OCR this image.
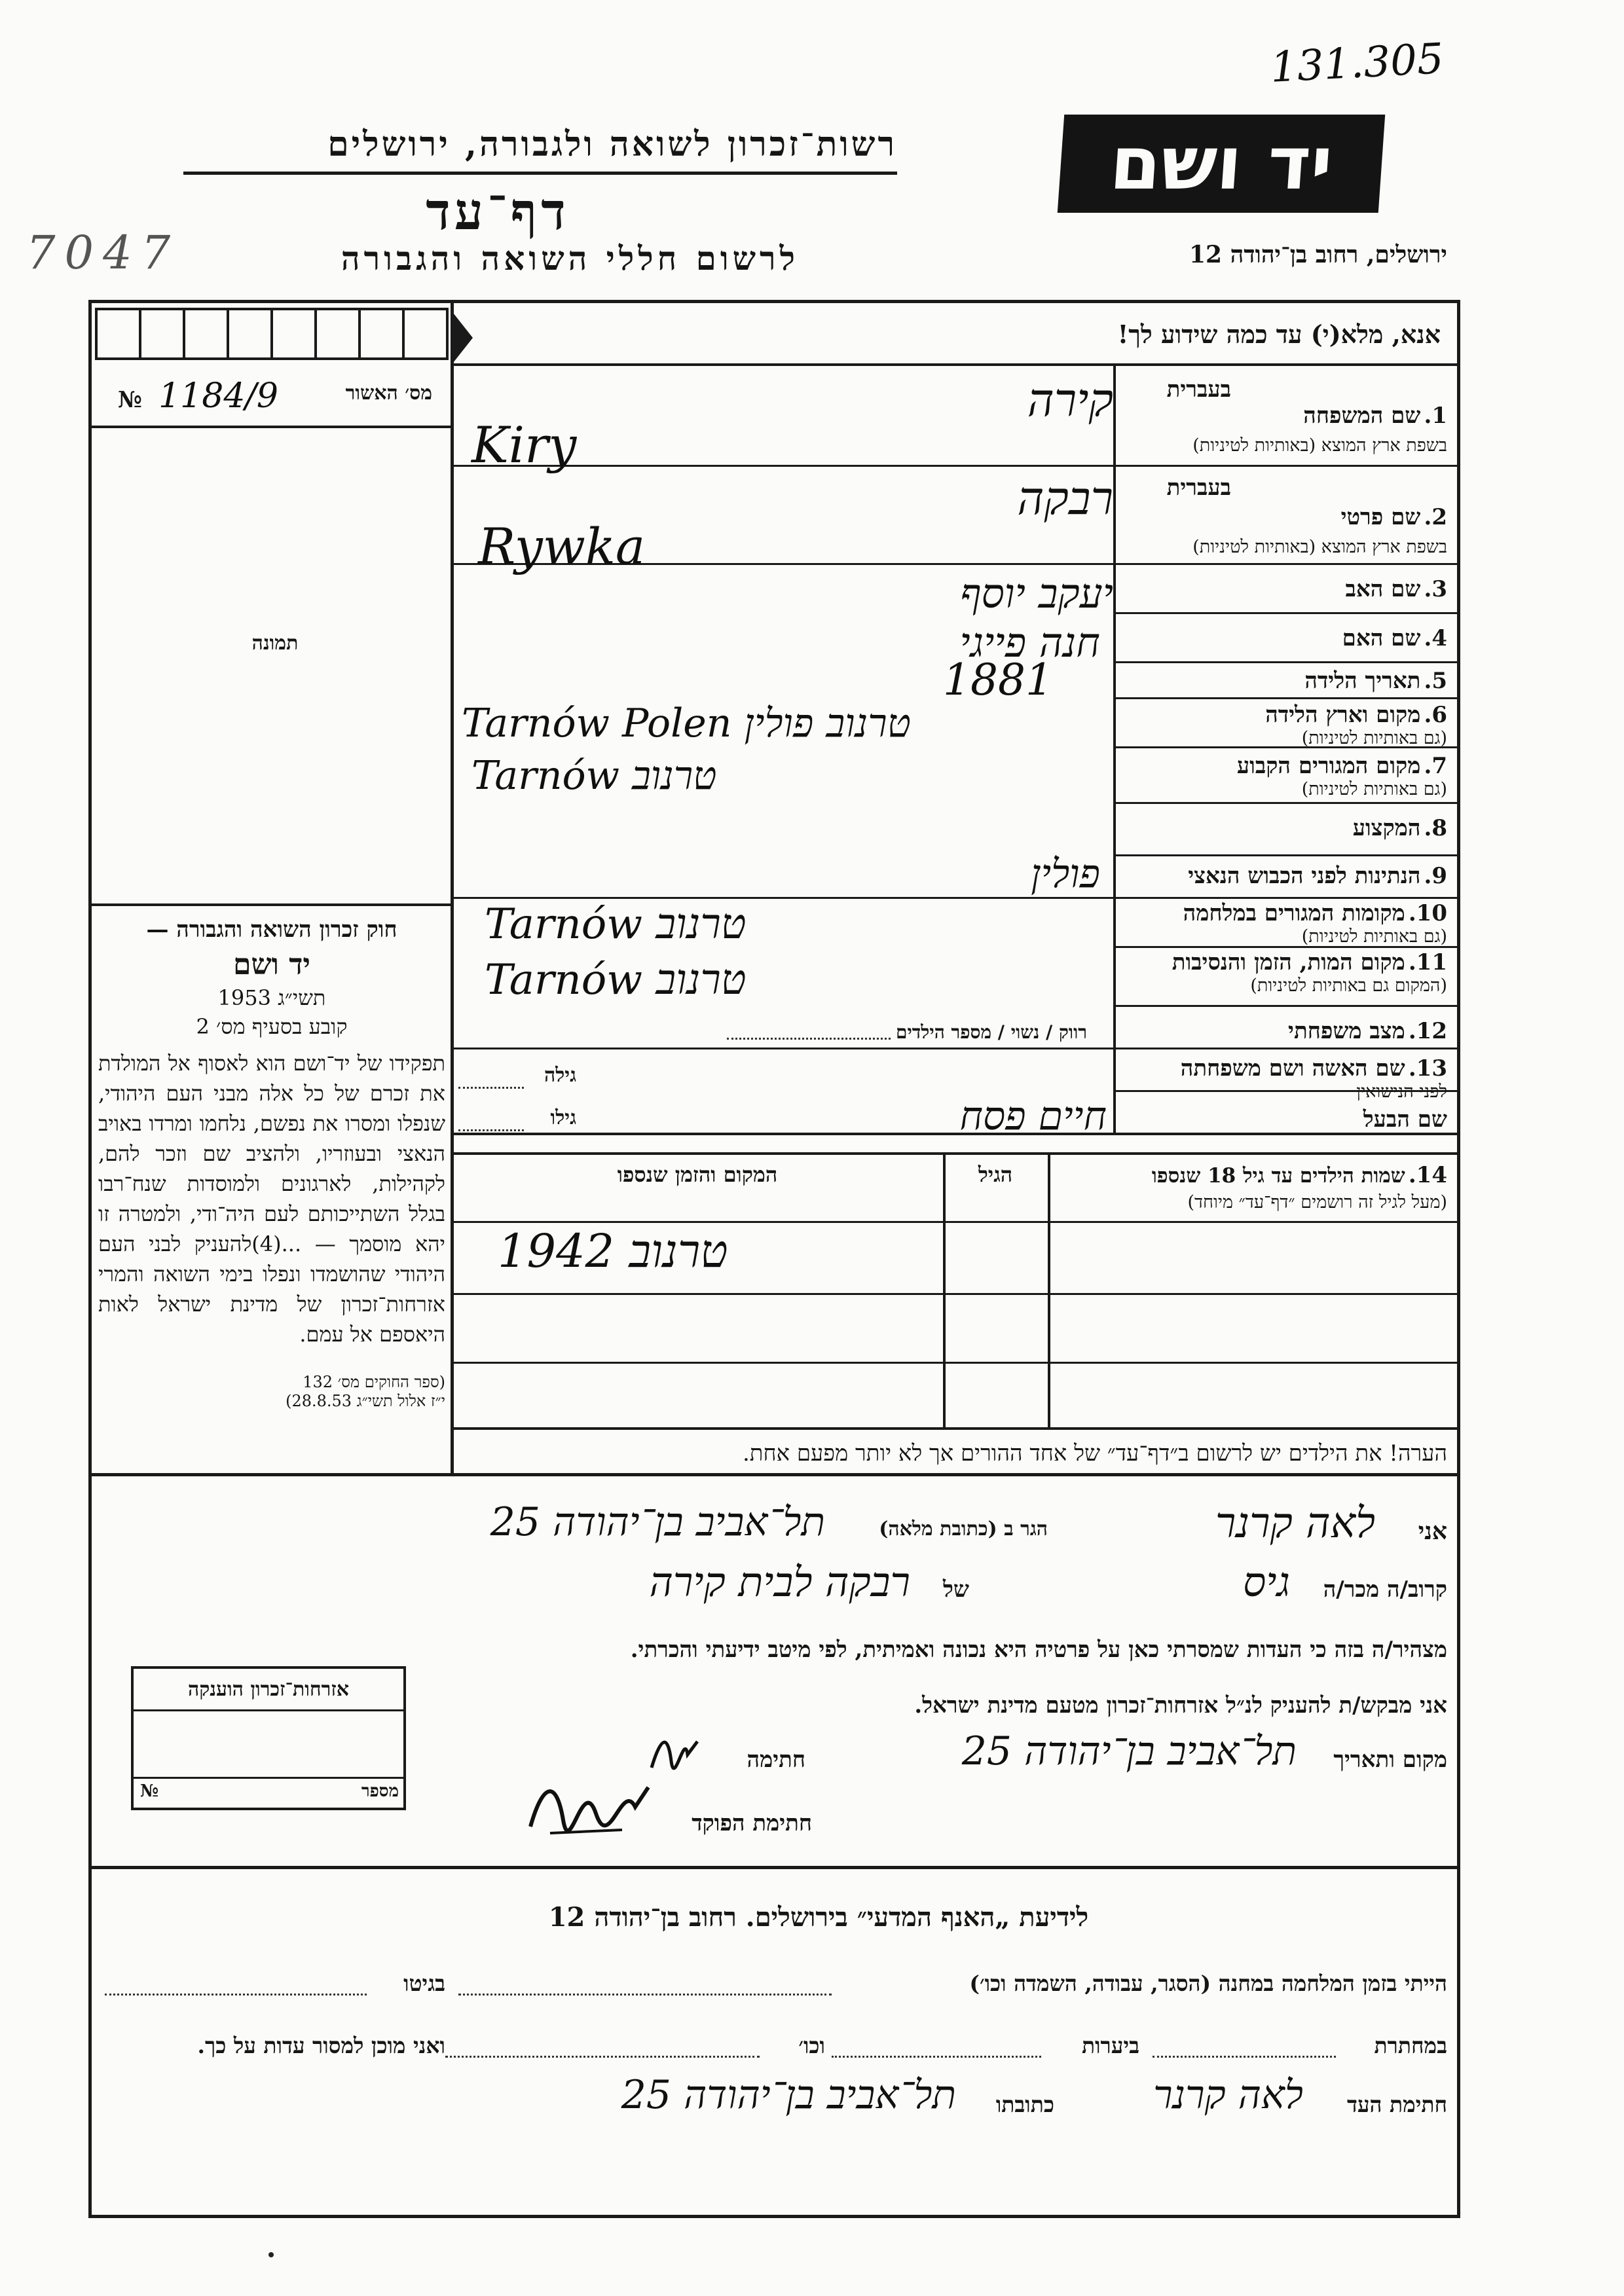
131.305
7047
רשות־זכרון לשואה ולגבורה, ירושלים
דף־עד
לרשום חללי השואה והגבורה
יד ושם
ירושלים, רחוב בן־יהודה 12
אנא, מלא(י) עד כמה שידוע לך!
№ 1184/9	מס׳ האשור
תמונה
חוק זכרון השואה והגבורה —
יד ושם
תשי״ג 1953
קובע בסעיף מס׳ 2
תפקידו של יד־ושם הוא לאסוף אל המולדת את זכרם של כל אלה מבני העם היהודי, שנפלו ומסרו את נפשם, נלחמו ומרדו באויב הנאצי ובעוזריו, ולהציב שם וזכר להם, לקהילות, לארגונים ולמוסדות שנח־רבו בגלל השתייכותם לעם היה־ודי, ולמטרה זו יהא מוסמך — ...(4)להעניק לבני העם היהודי שהושמדו ונפלו בימי השואה והמרי אזרחות־זכרון של מדינת ישראל לאות היאספם אל עמם.
(ספר החוקים מס׳ 132
י״ז אלול תשי״ג 28.8.53)
בעברית
1. שם המשפחה
בשפת ארץ המוצא (באותיות לטיניות)
קירה
Kiry
בעברית
2. שם פרטי
בשפת ארץ המוצא (באותיות לטיניות)
רבקה
Rywka
3. שם האב
יעקב יוסף
4. שם האם
חנה פייגי
5. תאריך הלידה
1881
6. מקום וארץ הלידה
(גם באותיות לטיניות)
Tarnów Polen טרנוב פולין
7. מקום המגורים הקבוע
(גם באותיות לטיניות)
Tarnów טרנוב
8. המקצוע
9. הנתינות לפני הכבוש הנאצי
פולין
10. מקומות המגורים במלחמה
(גם באותיות לטיניות)
Tarnów טרנוב
11. מקום המות, הזמן והנסיבות
(המקום גם באותיות לטיניות)
Tarnów טרנוב
12. מצב משפחתי
רווק / נשוי / מספר הילדים
13. שם האשה ושם משפחתה
לפני הנישואין
גילה
שם הבעל
חיים פסח
גילו
14. שמות הילדים עד גיל 18 שנספו
(מעל לגיל זה רושמים ״דף־עד״ מיוחד)
הגיל
המקום והזמן שנספו
טרנוב 1942
הערה! את הילדים יש לרשום ב״דף־עד״ של אחד ההורים אך לא יותר מפעם אחת.
אני
לאה קרנר
הגר ב (כתובת מלאה)
תל־אביב בן־יהודה 25
קרוב/ה מכר/ה
גיס
של
רבקה לבית קירה
מצהיר/ה בזה כי העדות שמסרתי כאן על פרטיה היא נכונה ואמיתית, לפי מיטב ידיעתי והכרתי.
אני מבקש/ת להעניק לנ״ל אזרחות־זכרון מטעם מדינת ישראל.
מקום ותאריך
תל־אביב בן־יהודה 25
חתימה
חתימת הפוקד
אזרחות־זכרון הוענקה
№	מספר
לידיעת „האנף המדעי״ בירושלים. רחוב בן־יהודה 12
הייתי בזמן המלחמה במחנה (הסגר, עבודה, השמדה וכו׳)
בגיטו
במחתרת
ביערות
וכו׳
ואני מוכן למסור עדות על כך.
חתימת העד
לאה קרנר
כתובתו
תל־אביב בן־יהודה 25
